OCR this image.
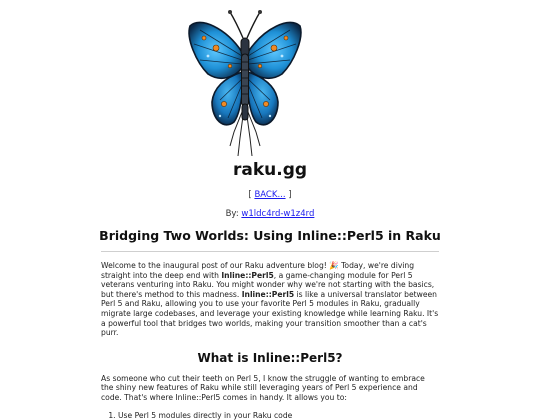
raku.gg
[ BACK... ]
By: w1ldc4rd-w1z4rd
Bridging Two Worlds: Using Inline::Perl5 in Raku

Welcome to the inaugural post of our Raku adventure blog! 🎉 Today, we're diving straight into the deep end with Inline::Perl5, a game-changing module for Perl 5 veterans venturing into Raku. You might wonder why we're not starting with the basics, but there's method to this madness. Inline::Perl5 is like a universal translator between Perl 5 and Raku, allowing you to use your favorite Perl 5 modules in Raku, gradually migrate large codebases, and leverage your existing knowledge while learning Raku. It's a powerful tool that bridges two worlds, making your transition smoother than a cat's purr.

What is Inline::Perl5?

As someone who cut their teeth on Perl 5, I know the struggle of wanting to embrace the shiny new features of Raku while still leveraging years of Perl 5 experience and code. That's where Inline::Perl5 comes in handy. It allows you to:

1. Use Perl 5 modules directly in your Raku code
